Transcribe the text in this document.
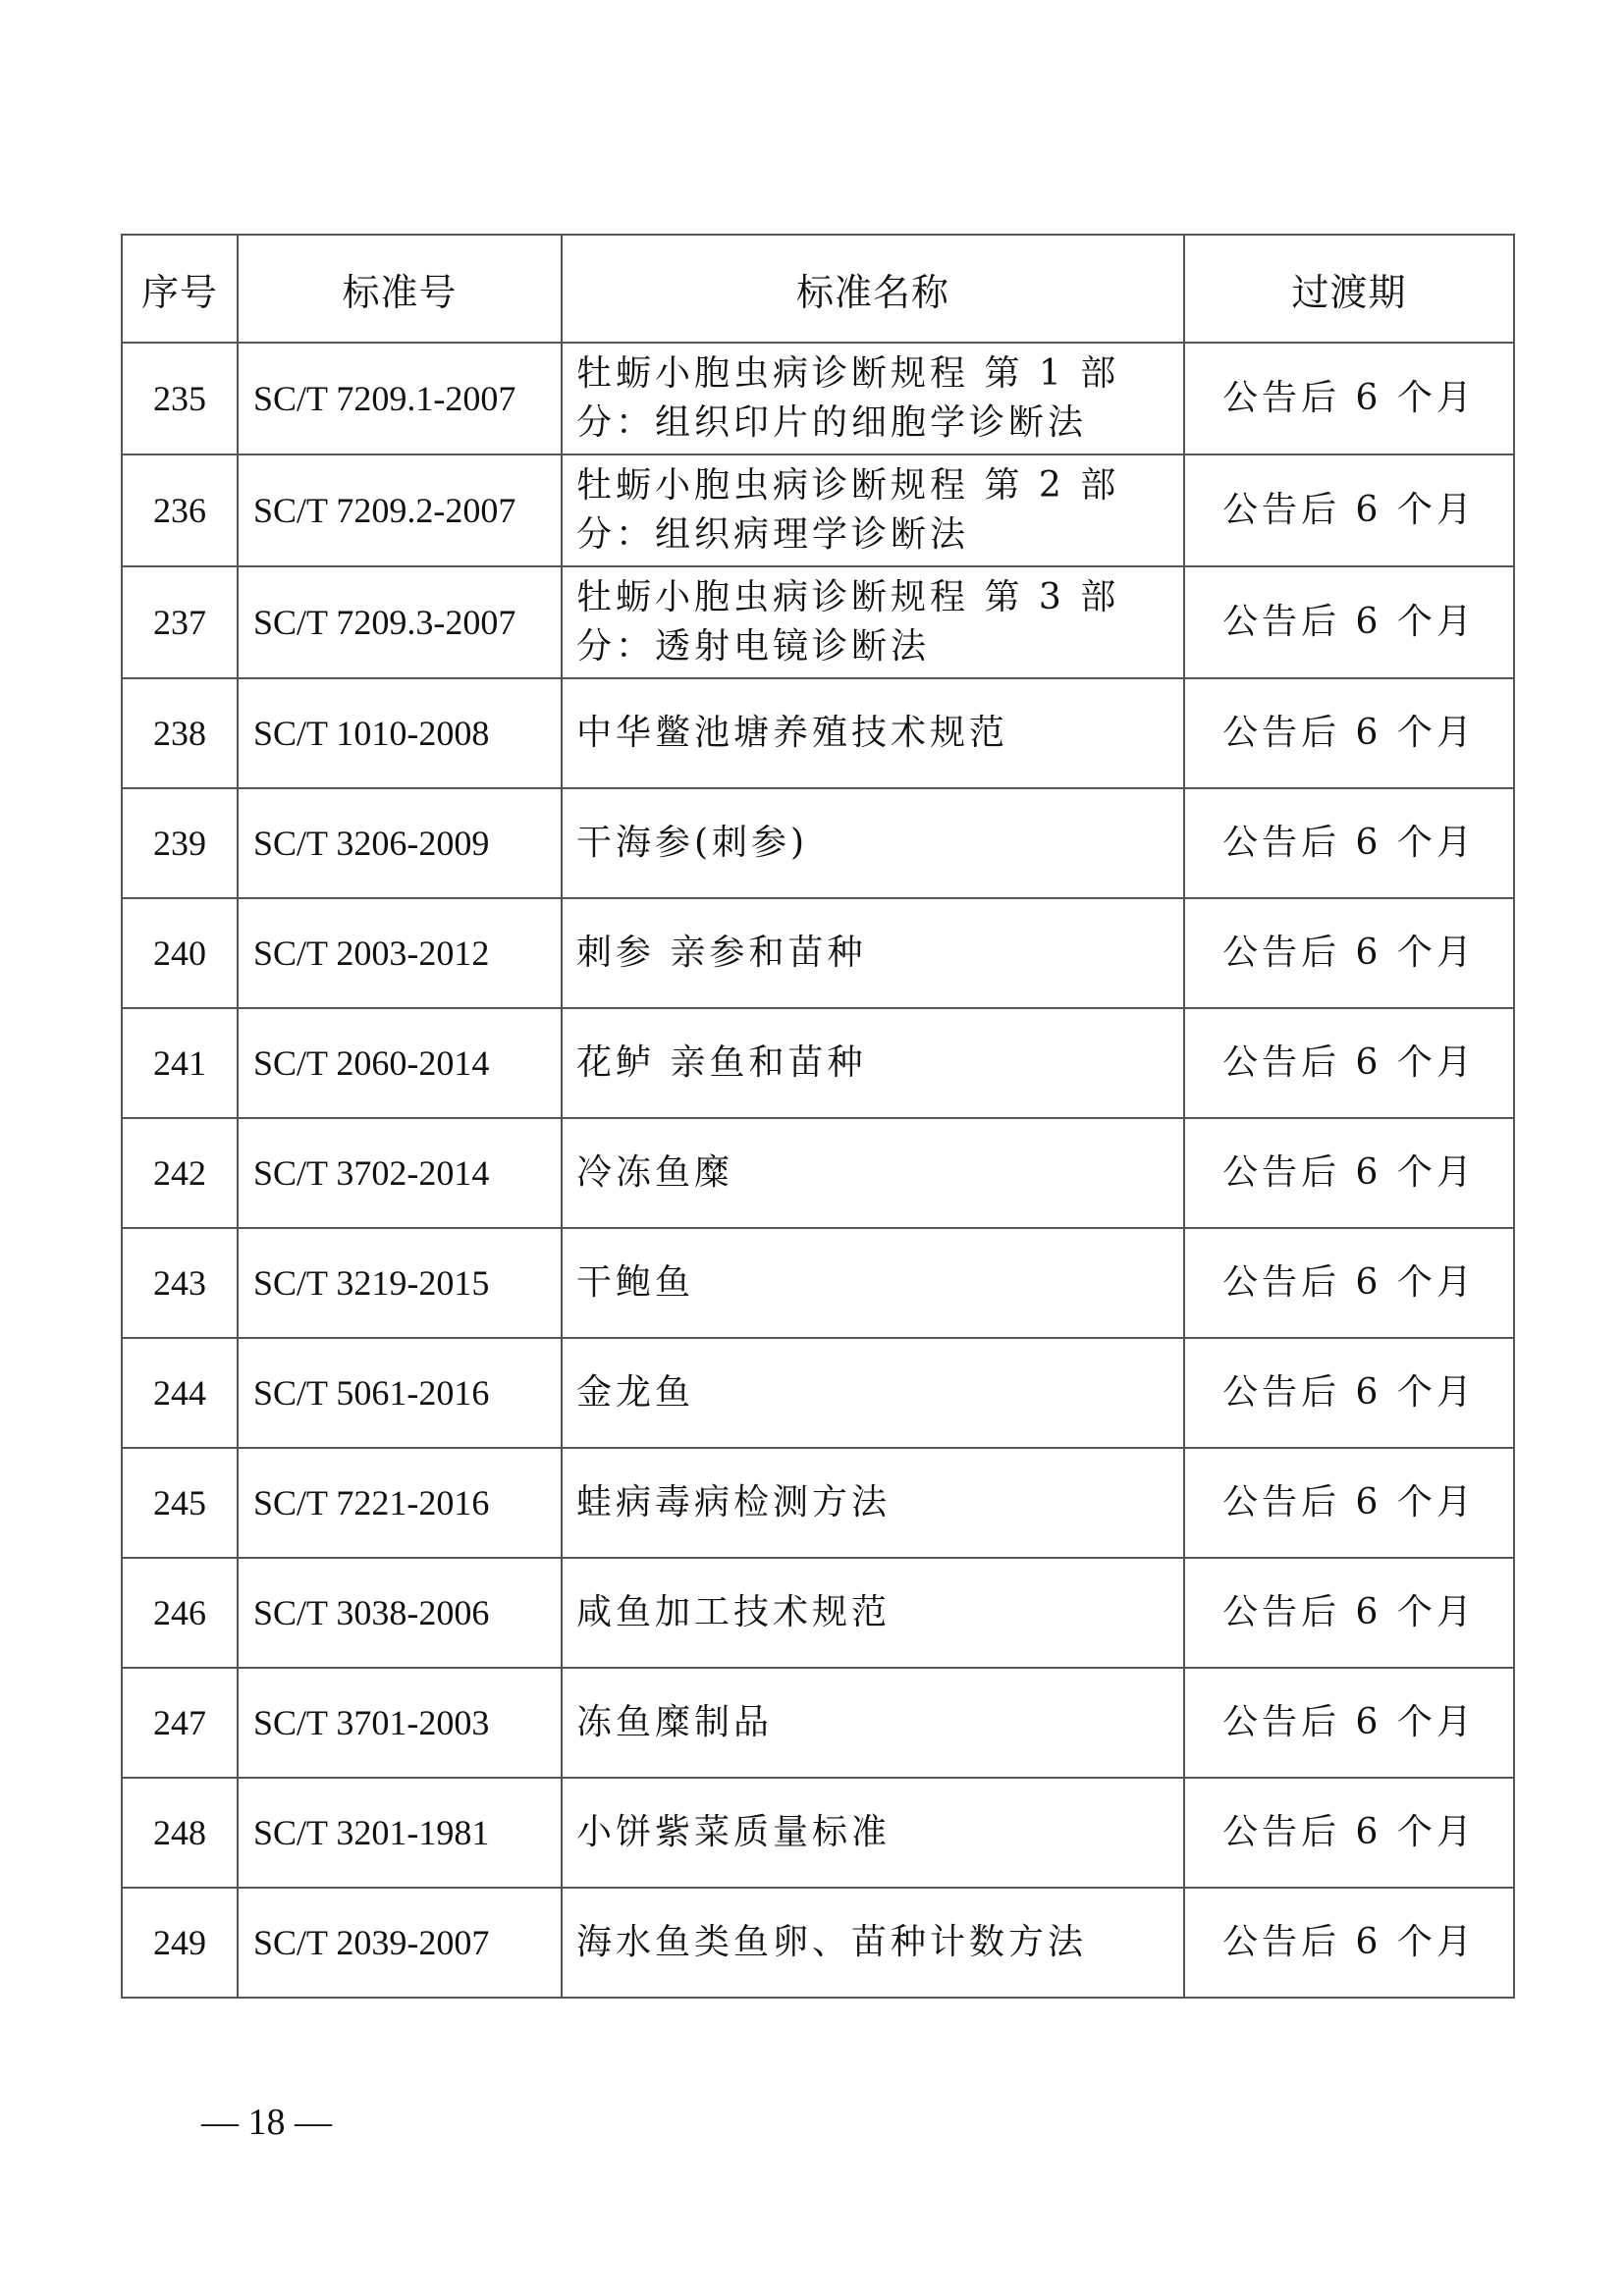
序号	标准号	标准名称	过渡期
235	SC/T 7209.1-2007	牡蛎小胞虫病诊断规程 第 1 部分：组织印片的细胞学诊断法	公告后 6 个月
236	SC/T 7209.2-2007	牡蛎小胞虫病诊断规程 第 2 部分：组织病理学诊断法	公告后 6 个月
237	SC/T 7209.3-2007	牡蛎小胞虫病诊断规程 第 3 部分：透射电镜诊断法	公告后 6 个月
238	SC/T 1010-2008	中华鳖池塘养殖技术规范	公告后 6 个月
239	SC/T 3206-2009	干海参(刺参)	公告后 6 个月
240	SC/T 2003-2012	刺参 亲参和苗种	公告后 6 个月
241	SC/T 2060-2014	花鲈 亲鱼和苗种	公告后 6 个月
242	SC/T 3702-2014	冷冻鱼糜	公告后 6 个月
243	SC/T 3219-2015	干鲍鱼	公告后 6 个月
244	SC/T 5061-2016	金龙鱼	公告后 6 个月
245	SC/T 7221-2016	蛙病毒病检测方法	公告后 6 个月
246	SC/T 3038-2006	咸鱼加工技术规范	公告后 6 个月
247	SC/T 3701-2003	冻鱼糜制品	公告后 6 个月
248	SC/T 3201-1981	小饼紫菜质量标准	公告后 6 个月
249	SC/T 2039-2007	海水鱼类鱼卵、苗种计数方法	公告后 6 个月
— 18 —
